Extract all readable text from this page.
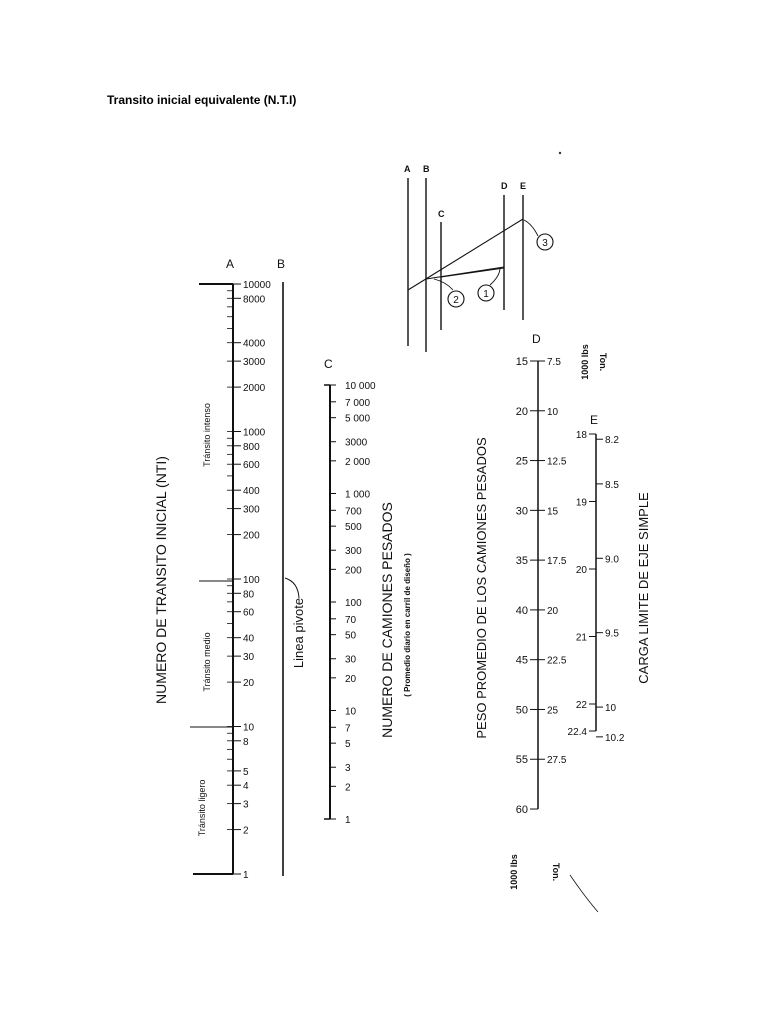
Transito inicial equivalente (N.T.I)
A B
C
D E
1
2
3
A
10000
8000
4000
3000
2000
1000
800
600
400
300
200
100
80
60
40
30
20
10
8
5
4
3
2
1
NUMERO DE TRANSITO INICIAL (NTI)
Tránsito intenso
Tránsito medio
Tránsito ligero
B
Linea pivote
C
10 000
7 000
5 000
3000
2 000
1 000
700
500
300
200
100
70
50
30
20
10
7
5
3
2
1
NUMERO DE CAMIONES PESADOS ( Promedio diario en carril de diseño )
D
15
20
25
30
35
40
45
50
55
60
7.5
10
12.5
15
17.5
20
22.5
25
27.5
PESO PROMEDIO DE LOS CAMIONES PESADOS
1000 lbs	Ton.
1000 lbs Ton.
E
18
19
20
21
22
22.4
8.2
8.5
9.0
9.5
10
10.2
CARGA LIMITE DE EJE SIMPLE
